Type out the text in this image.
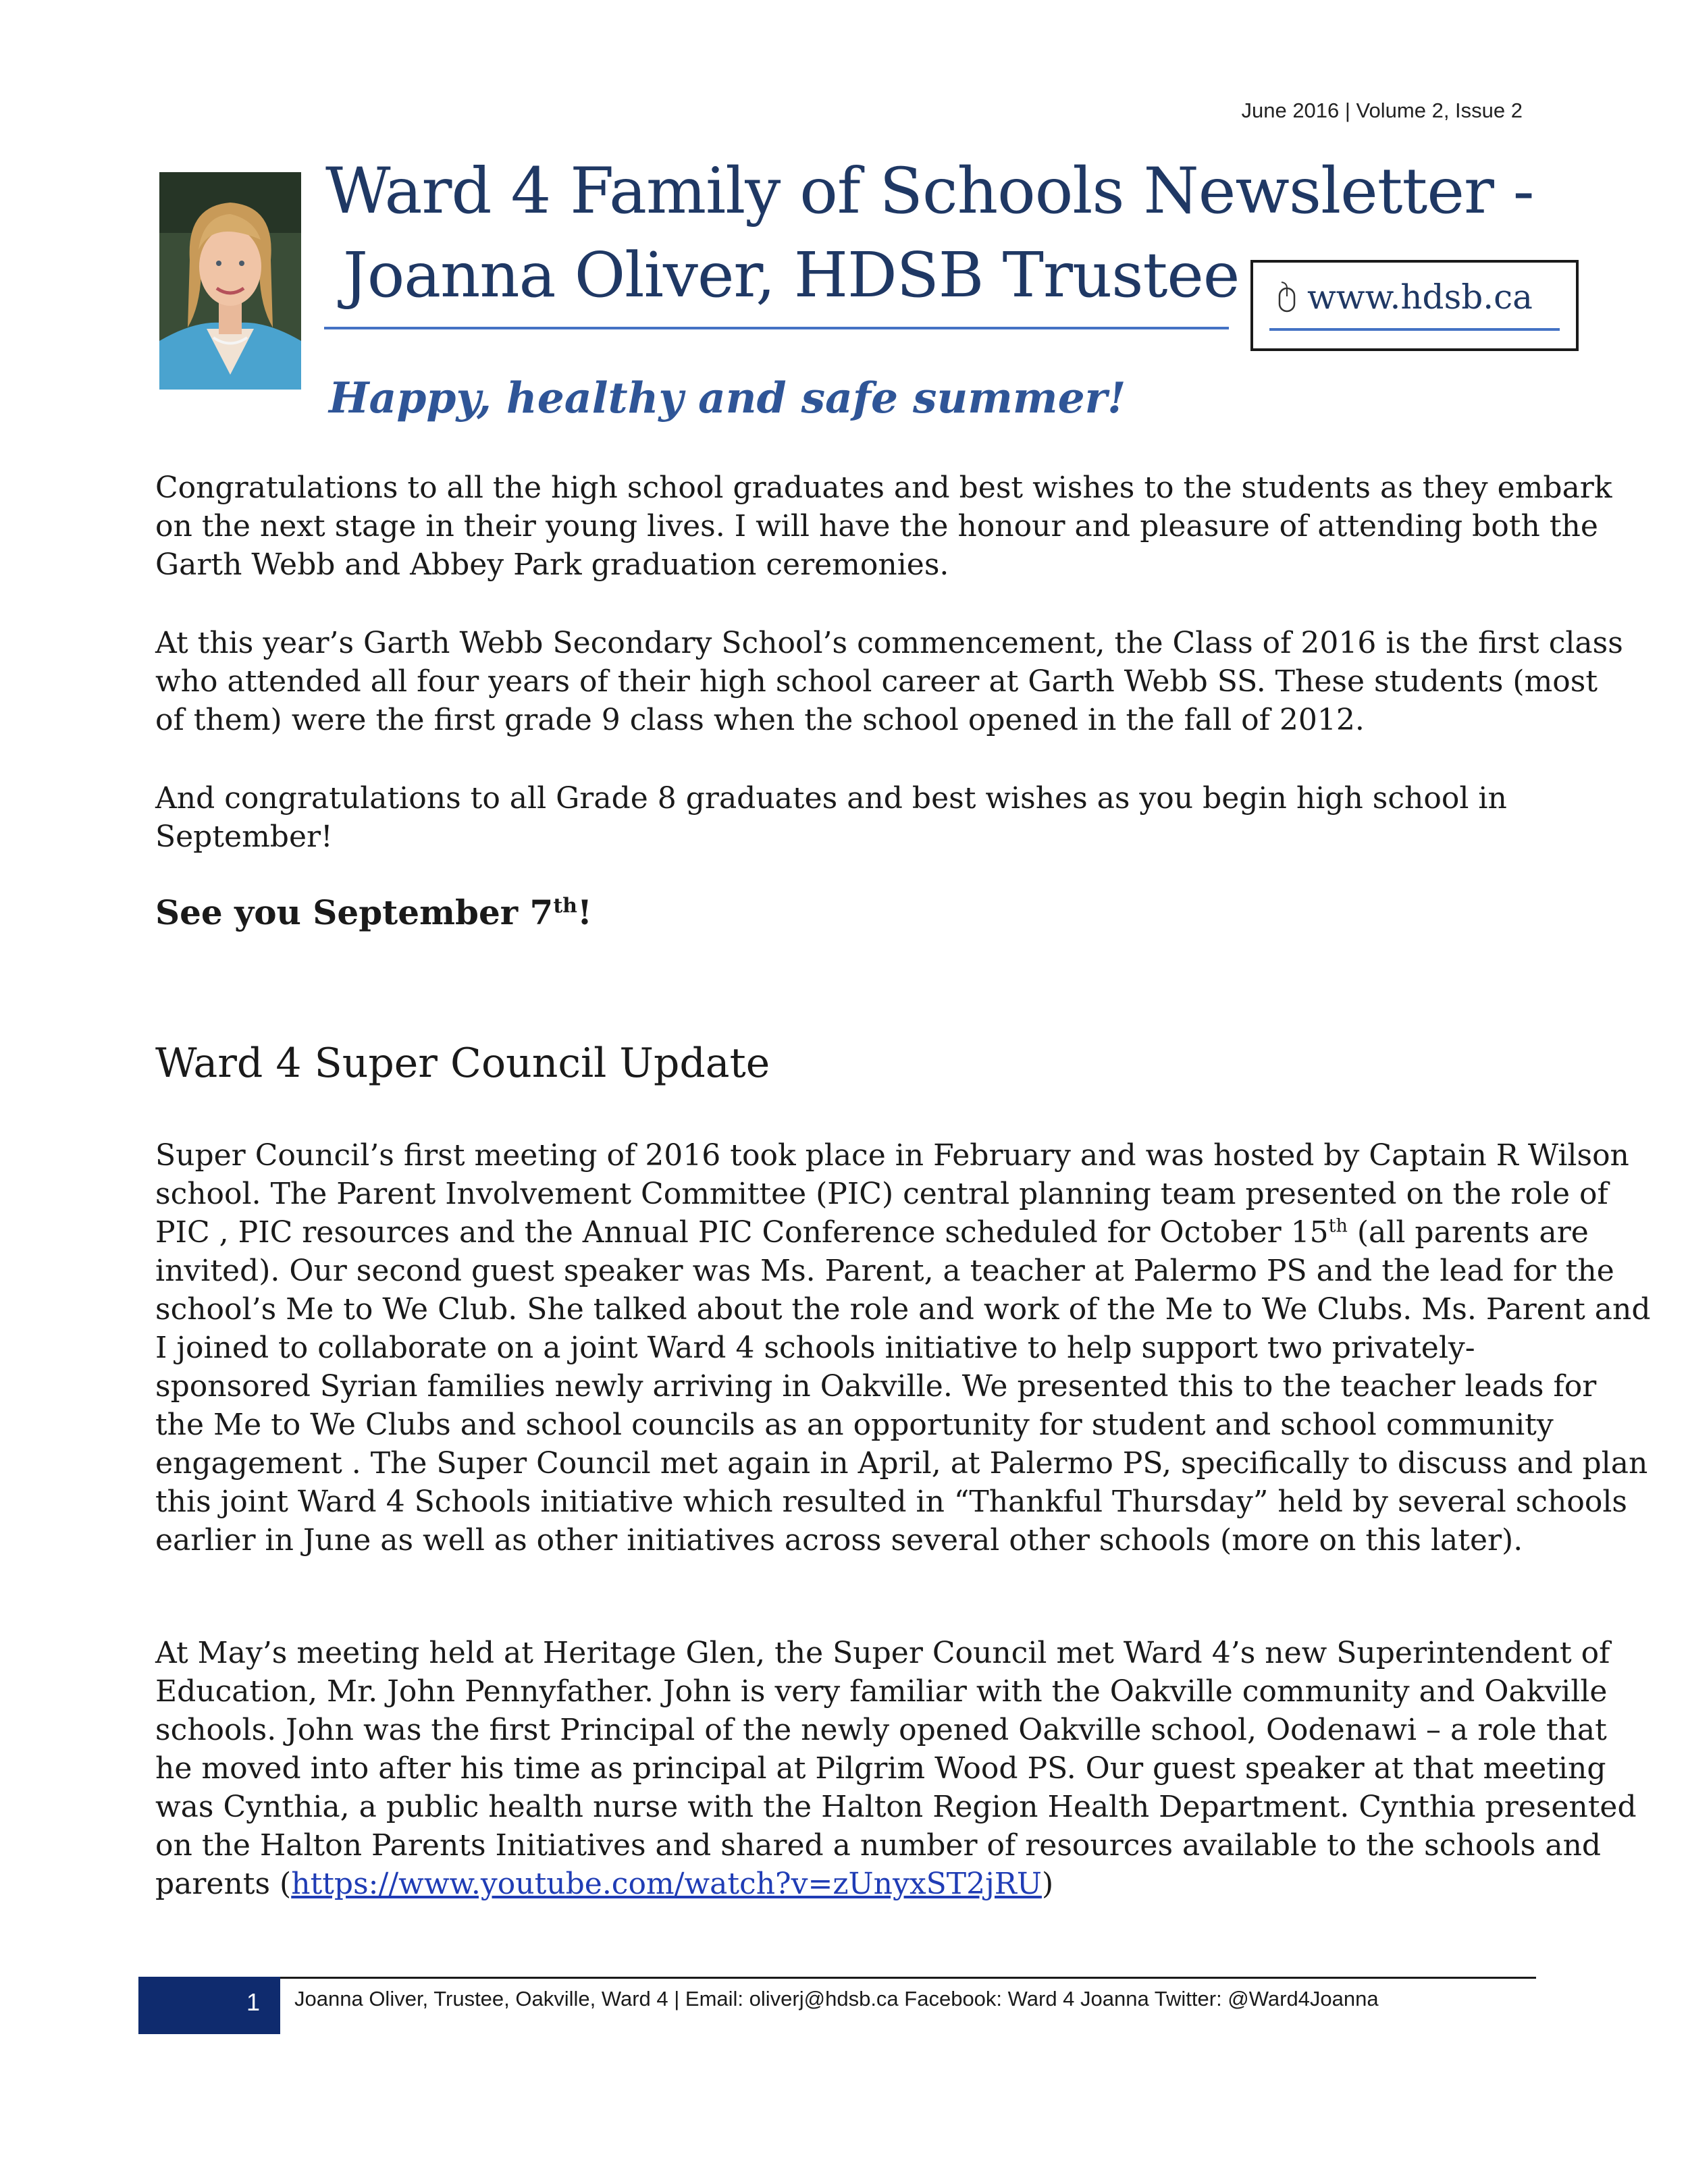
June 2016 | Volume 2, Issue 2
Ward 4 Family of Schools Newsletter -
Joanna Oliver, HDSB Trustee www.hdsb.ca
Happy, healthy and safe summer!
Congratulations to all the high school graduates and best wishes to the students as they embark
on the next stage in their young lives. I will have the honour and pleasure of attending both the
Garth Webb and Abbey Park graduation ceremonies.
At this year’s Garth Webb Secondary School’s commencement, the Class of 2016 is the first class
who attended all four years of their high school career at Garth Webb SS. These students (most
of them) were the first grade 9 class when the school opened in the fall of 2012.
And congratulations to all Grade 8 graduates and best wishes as you begin high school in
September!
See you September 7th!
Ward 4 Super Council Update
Super Council’s first meeting of 2016 took place in February and was hosted by Captain R Wilson
school. The Parent Involvement Committee (PIC) central planning team presented on the role of
PIC , PIC resources and the Annual PIC Conference scheduled for October 15th (all parents are
invited). Our second guest speaker was Ms. Parent, a teacher at Palermo PS and the lead for the
school’s Me to We Club. She talked about the role and work of the Me to We Clubs. Ms. Parent and
I joined to collaborate on a joint Ward 4 schools initiative to help support two privately-
sponsored Syrian families newly arriving in Oakville. We presented this to the teacher leads for
the Me to We Clubs and school councils as an opportunity for student and school community
engagement . The Super Council met again in April, at Palermo PS, specifically to discuss and plan
this joint Ward 4 Schools initiative which resulted in “Thankful Thursday” held by several schools
earlier in June as well as other initiatives across several other schools (more on this later).
At May’s meeting held at Heritage Glen, the Super Council met Ward 4’s new Superintendent of
Education, Mr. John Pennyfather. John is very familiar with the Oakville community and Oakville
schools. John was the first Principal of the newly opened Oakville school, Oodenawi – a role that
he moved into after his time as principal at Pilgrim Wood PS. Our guest speaker at that meeting
was Cynthia, a public health nurse with the Halton Region Health Department. Cynthia presented
on the Halton Parents Initiatives and shared a number of resources available to the schools and
parents (https://www.youtube.com/watch?v=zUnyxST2jRU)
1 Joanna Oliver, Trustee, Oakville, Ward 4 | Email: oliverj@hdsb.ca Facebook: Ward 4 Joanna Twitter: @Ward4Joanna
